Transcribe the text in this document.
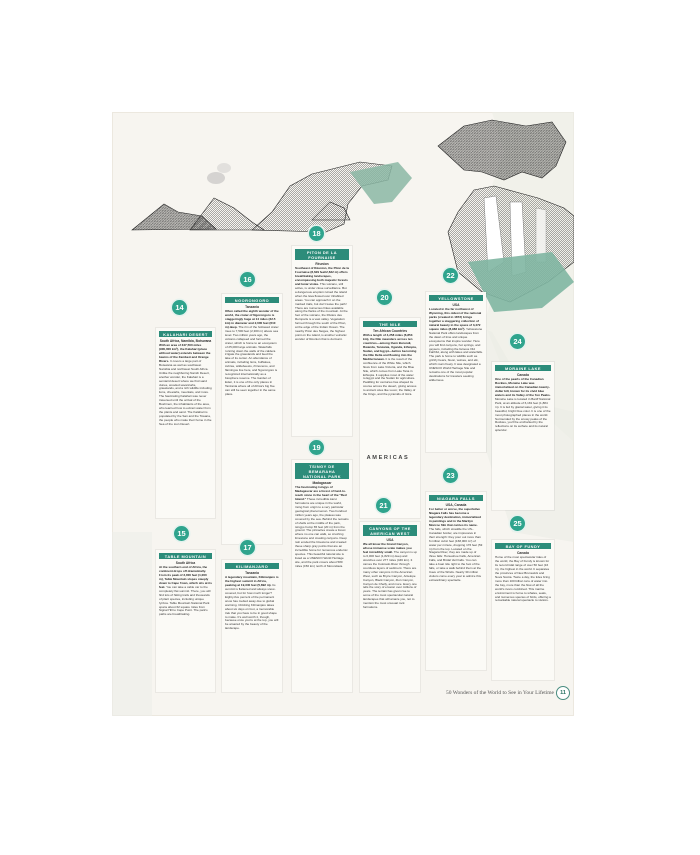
14
KALAHARI DESERT
South Africa, Namibia, Botswana
With an area of 347,500 miles (900,000 km²), the Kalahari (place without water) extends between the basins of the Zambezi and Orange Rivers. It covers a large part of Botswana as well as southwest Namibia and northwest South Africa. Unlike the neighboring Namib Desert, another wonder, the Kalahari is a semiarid desert where we find sand dunes, wooded savannahs, grasslands, and a rich wildlife including lions, cheetahs, meerkats, and more. The fascinating Kalahari was never traversed until the arrival of the Bushmen, the inhabitants of the area, who learned how to extract water from the plants and sand. The Kalahari is populated by the San and the Tswana, the people who make their home in the Sea of the Lion Desert.
15
TABLE MOUNTAIN
South Africa
At the southern end of Africa, the continent drops off dramatically. From its peak of 3,000 feet (1,000 m), Table Mountain slopes steeply down to Cape Town, which sits at its feet. You can take a cable car to the completely flat summit. There, you will find lots of hiking trails and thousands of plant species, including unique fynbos. Table Mountain National Park spans about 62 square miles from Signal Hill to Cape Point. The park's paths are breathtaking.
16
NGORONGORO
Tanzania
Often called the eighth wonder of the world, the crater of Ngorongoro is staggeringly huge at 14 miles (22.5 km) in diameter and 2,000 feet (610 m) deep. The rim of the hollowed crater rises to 7,500 feet (2,300 m) above sea level. Two million years ago, the volcano collapsed and formed the crater, which is home to an ecosystem of 25,000 large animals. Waterfalls running down the walls of the caldera irrigate the grasslands and feed the lake of its center. An abundance of animals, including lions, buffaloes, zebras, wildebeests, rhinoceros, and flamingos live here, and Ngorongoro is recognized internationally as a biosphere reserve. The Garden of Eden, it is one of the only places in Tanzania where all of Africa's big five can still be seen together in the same place.
17
KILIMANJARO
Tanzania
A legendary mountain, Kilimanjaro is the highest summit in Africa, peaking at 19,340 feet (5,892 m). Its summit is flattened and always snow-covered, but for how much longer? Eighty-five percent of the permanent snow has melted away due to global warming. Climbing Kilimanjaro takes about six days on foot, a memorable trek that you have to be in good shape to make. It's well worth it, though, because once you're at the top, you will be amazed by the beauty of the landscape.
18
PITON DE LA FOURNAISE
Réunion
Southeast of Réunion, the Piton de la Fournaise (8,629 feet/2,632 m) offers breathtaking landscapes, encompassing both majestic forests and lunar vistas. This volcano, still active, is under close surveillance. But a dangerous eruption ruined the island when the lava flowed over inhabited areas. You can approach it on the marked trails, but don't leave the path! There are numerous hikes available along the flanks of the mountain. At the foot of the volcano, the Rivière des Remparts is a vast valley. Vegetation formed through the south of the Piton, at the edge of the Indian Ocean. The nearby Piton des Neiges, the highest point on the island, is another volcanic wonder of Réunion that is dormant.
19
TSINGY DE BEMARAHA NATIONAL PARK
Madagascar
The fascinating tsingys of Madagascar are a forest of hard-to-reach stone in the heart of the "Red Island." These incredible karst formations are unique in the world, rising from origin to a very particular geological phenomenon. Two hundred million years ago, the plateau was covered by the sea. Behind the remains of shells at the middle of the park, tsingys hump 65 feet (20 m) from the ground. The pinnacles create a forest where no one can walk, so crushing limestone and creating canyons. Deep rain eroded the limestone and created these sharp gray points that are an incredible home for numerous endemic species. This beautiful natural site is listed as a UNESCO World Heritage site, and the park covers about 580 miles (150 km) north of Morondava.
20
THE NILE
Ten African Countries
With a length of 4,258 miles (6,853 km), the Nile meanders across ten countries—among them Burundi, Rwanda, Tanzania, Uganda, Ethiopia, Sudan, and Egypt—before becoming the Nile Delta and flowing into the Mediterranean. It is the result of the confluence of the White Nile, which flows from Lake Victoria, and the Blue Nile, which comes from Lake Tana in Ethiopia. It supplies most of the water to Egypt and the Sudan for agriculture. Paddling for centuries has shaped its course across the desert, giving access to ancient sites like Luxor, the Valley of the Kings, and the pyramids of Giza.
AMERICAS
21
CANYONS OF THE AMERICAN WEST
USA
We all know the Grand Canyon, whose immense scale makes you feel incredibly small. The canyon is up to 6,000 feet (1,829 m) deep and stretches over 277 miles (446 km). It carves the Colorado River through countless layers of sediment. There are many other canyons in the American West, such as Bryce Canyon, Antelope Canyon, Black Canyon, Zion Canyon, Canyon de Chelly, and more. Every one tells the story of erosion over millions of years. The terrain has given rise to some of the most spectacular natural landscapes that will amaze you, not to mention the most unusual rock formations.
22
YELLOWSTONE
USA
Located in the far northwest of Wyoming, this oldest of the national parks (created in 1872) brings together a staggering collection of natural beauty in the space of 3,472 square miles (8,983 km²). Yellowstone National Park offers landscapes from the dawn of time and unique ecosystems that inspire wonder. Here you will find canyons, hot springs, and geysers, including the famous Old Faithful, along with lakes and waterfalls. The park is home to wildlife such as grizzly bears, bison, wolves, and elk, which roam freely. It was designated a UNESCO World Heritage Site and remains one of the most popular destinations for travelers seeking wilderness.
23
NIAGARA FALLS
USA, Canada
For better or worse, the superlative Niagara Falls has become a legendary destination, immortalized in paintings and in the Marilyn Monroe film that carries its name. The falls, which straddle the US–Canadian border, are impressive in their strength: they pour out more than 6 million cubic feet (168,000 m³) of water per minute, dropping 176 feet (53 m) from the top. Located on the Niagara River, they are made up of three falls: Horseshoe Falls, American Falls, and Bridal Veil Falls. You can take a boat ride right to the foot of the falls, or take a walk behind them at the Cave of the Winds. Nearly 30 million visitors come every year to admire this extraordinary spectacle.
24
MORAINE LAKE
Canada
One of the pearls of the Canadian Rockies, Moraine Lake was immortalized on the Canadian twenty-dollar bill, known for its vivid blue waters and its Valley of the Ten Peaks. Moraine Lake is located in Banff National Park, at an altitude of 6,181 feet (1,884 m). It is fed by glacial water, giving it its beautiful, bright blue color. It is one of the most photographed places in the world. Surrounded by the snowy peaks of the Rockies, you'll be enchanted by the reflections on its surface and its natural splendor.
25
BAY OF FUNDY
Canada
Home of the most spectacular tides of the world, the Bay of Fundy is known for its record tidal range of over 50 feet (16 m), the highest in the world. It separates the provinces of New Brunswick and Nova Scotia. Twice a day, the tides bring more than 100 billion tons of water into the bay, more than the flow of all the world's rivers combined. This marine environment is home to whales, seals, and numerous species of birds, offering a remarkable natural spectacle to visitors.
50 Wonders of the World to See in Your Lifetime	11
